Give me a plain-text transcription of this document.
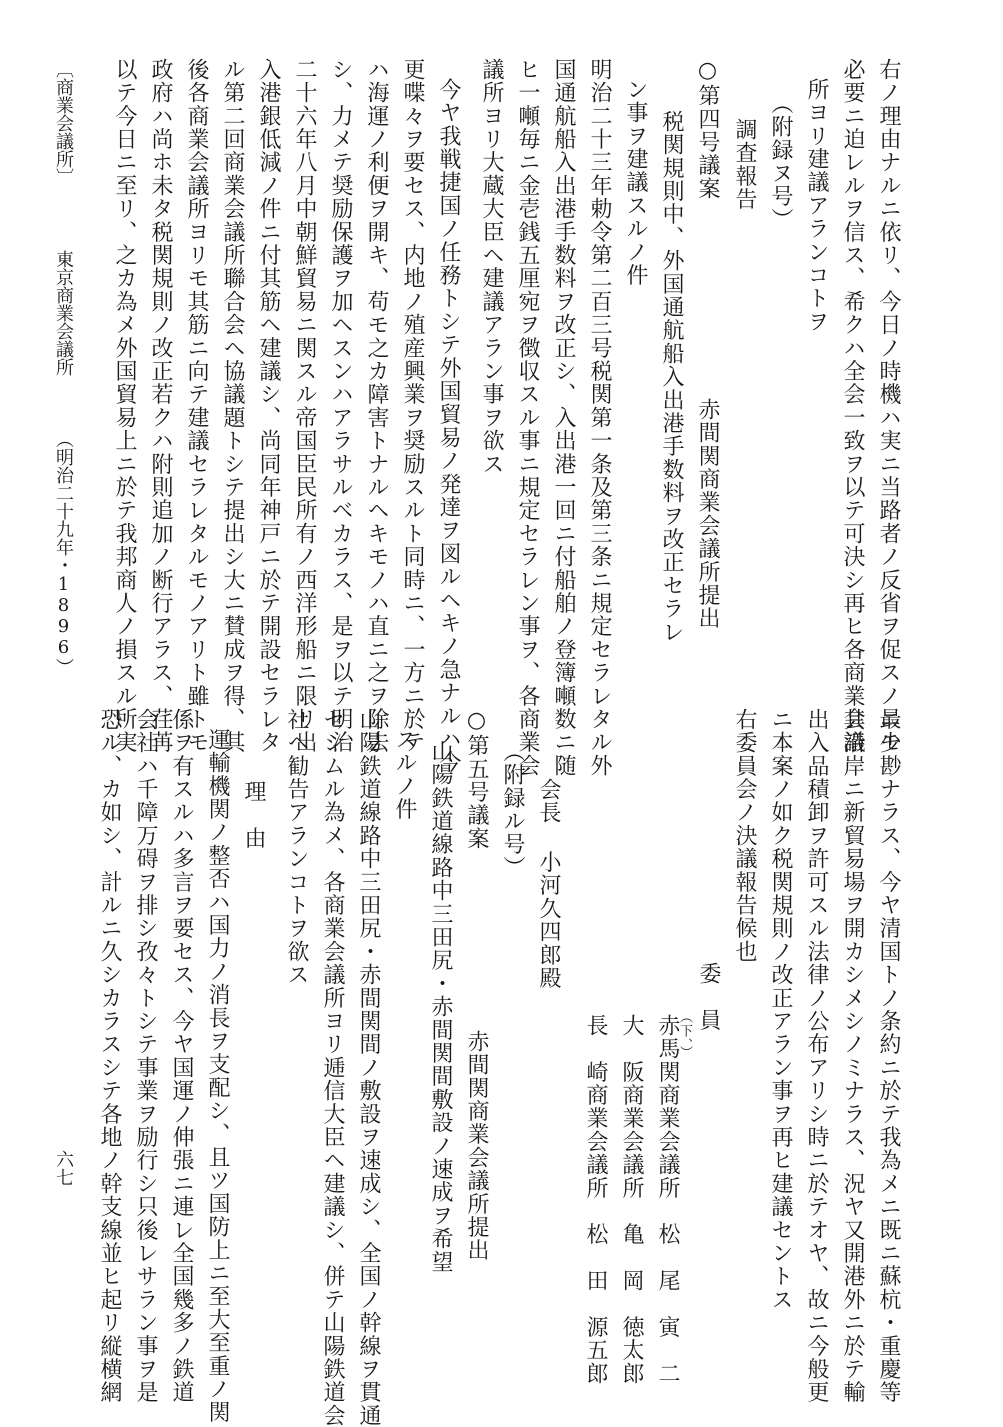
右ノ理由ナルニ依リ、今日ノ時機ハ実ニ当路者ノ反省ヲ促スノ最モ
必要ニ迫レルヲ信ス、希クハ全会一致ヲ以テ可決シ再ヒ各商業会議
所ヨリ建議アランコトヲ
（附録ヌ号）
調査報告
○第四号議案
赤間関商業会議所提出
税関規則中、外国通航船入出港手数料ヲ改正セラレ
ン事ヲ建議スルノ件
明治二十三年勅令第二百三号税関第一条及第三条ニ規定セラレタル外
国通航船入出港手数料ヲ改正シ、入出港一回ニ付船舶ノ登簿噸数ニ随
ヒ一噸毎ニ金壱銭五厘宛ヲ徴収スル事ニ規定セラレン事ヲ、各商業会
議所ヨリ大蔵大臣ヘ建議アラン事ヲ欲ス
今ヤ我戦捷国ノ任務トシテ外国貿易ノ発達ヲ図ルヘキノ急ナルハ今
更喋々ヲ要セス、内地ノ殖産興業ヲ奨励スルト同時ニ、一方ニ於テ
ハ海運ノ利便ヲ開キ、苟モ之カ障害トナルヘキモノハ直ニ之ヲ除去
シ、力メテ奨励保護ヲ加ヘスンハアラサルベカラス、是ヲ以テ明治
二十六年八月中朝鮮貿易ニ関スル帝国臣民所有ノ西洋形船ニ限リ出
入港銀低減ノ件ニ付其筋ヘ建議シ、尚同年神戸ニ於テ開設セラレタ
ル第二回商業会議所聯合会ヘ協議題トシテ提出シ大ニ賛成ヲ得、其
後各商業会議所ヨリモ其筋ニ向テ建議セラレタルモノアリト雖トモ
政府ハ尚ホ未タ税関規則ノ改正若クハ附則追加ノ断行アラス、荏苒
以テ今日ニ至リ、之カ為メ外国貿易上ニ於テ我邦商人ノ損スル所実
〔商業会議所〕
東京商業会議所
（明治二十九年・1896）
ニ少尠ナラス、今ヤ清国トノ条約ニ於テ我為メニ既ニ蘇杭・重慶等
其沿岸ニ新貿易場ヲ開カシメシノミナラス、況ヤ又開港外ニ於テ輸
出入品積卸ヲ許可スル法律ノ公布アリシ時ニ於テオヤ、故ニ今般更
ニ本案ノ如ク税関規則ノ改正アラン事ヲ再ヒ建議セントス
右委員会ノ決議報告候也
委　員
（下、）
赤馬関商業会議所　松　尾　寅　二
大　阪商業会議所　亀　岡　徳太郎
長　崎商業会議所　松　田　源五郎
会長 小河久四郎殿
（附録ル号）
○第五号議案
赤間関商業会議所提出
山陽鉄道線路中三田尻・赤間関間敷設ノ速成ヲ希望
スルノ件
山陽鉄道線路中三田尻・赤間関間ノ敷設ヲ速成シ、全国ノ幹線ヲ貫通
セシムル為メ、各商業会議所ヨリ逓信大臣ヘ建議シ、併テ山陽鉄道会
社ヘ勧告アランコトヲ欲ス
理　由
運輸機関ノ整否ハ国力ノ消長ヲ支配シ、且ツ国防上ニ至大至重ノ関
係ヲ有スルハ多言ヲ要セス、今ヤ国運ノ伸張ニ連レ全国幾多ノ鉄道
会社ハ千障万碍ヲ排シ孜々トシテ事業ヲ励行シ只後レサラン事ヲ是
恐ル、カ如シ、計ルニ久シカラスシテ各地ノ幹支線並ヒ起リ縦横網
六七
